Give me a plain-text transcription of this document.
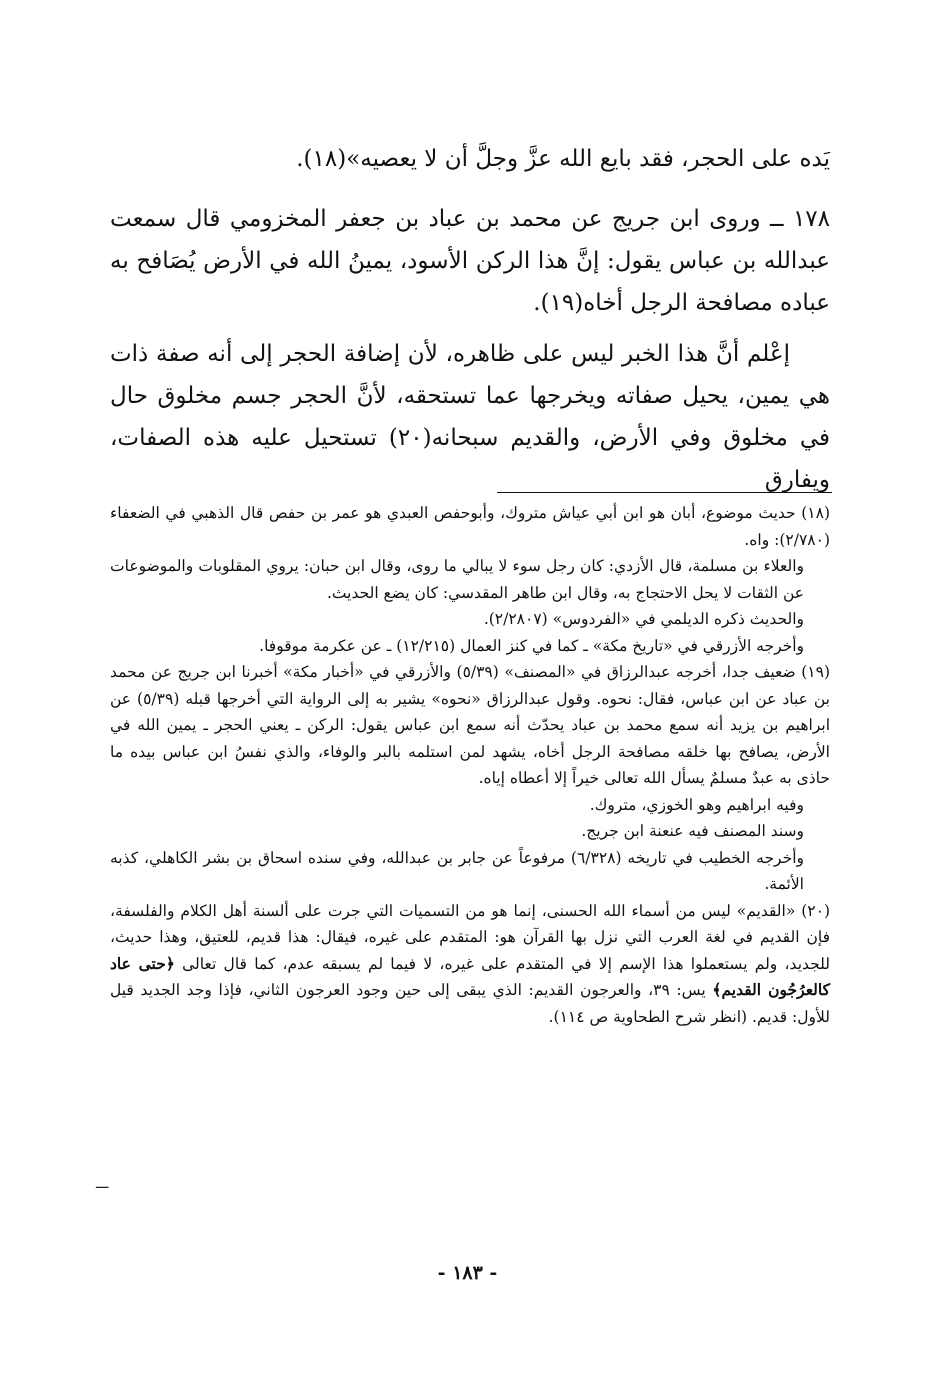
يَده على الحجر، فقد بايع الله عزَّ وجلَّ أن لا يعصيه»(١٨).
١٧٨ ــ وروى ابن جريج عن محمد بن عباد بن جعفر المخزومي قال سمعت عبدالله بن عباس يقول: إنَّ هذا الركن الأسود، يمينُ الله في الأرض يُصَافح به عباده مصافحة الرجل أخاه(١٩).
إعْلم أنَّ هذا الخبر ليس على ظاهره، لأن إضافة الحجر إلى أنه صفة ذات هي يمين، يحيل صفاته ويخرجها عما تستحقه، لأنَّ الحجر جسم مخلوق حال في مخلوق وفي الأرض، والقديم سبحانه(٢٠) تستحيل عليه هذه الصفات، ويفارق

(١٨) حديث موضوع، أبان هو ابن أبي عياش متروك، وأبوحفص العبدي هو عمر بن حفص قال الذهبي في الضعفاء (٢/٧٨٠): واه.

والعلاء بن مسلمة، قال الأزدي: كان رجل سوء لا يبالي ما روى، وقال ابن حبان: يروي المقلوبات والموضوعات عن الثقات لا يحل الاحتجاج به، وقال ابن طاهر المقدسي: كان يضع الحديث.

والحديث ذكره الديلمي في «الفردوس» (٢/٢٨٠٧).

وأخرجه الأزرقي في «تاريخ مكة» ـ كما في كنز العمال (١٢/٢١٥) ـ عن عكرمة موقوفا.

(١٩) ضعيف جدا، أخرجه عبدالرزاق في «المصنف» (٥/٣٩) والأزرقي في «أخبار مكة» أخبرنا ابن جريج عن محمد بن عباد عن ابن عباس، فقال: نحوه. وقول عبدالرزاق «نحوه» يشير به إلى الرواية التي أخرجها قبله (٥/٣٩) عن ابراهيم بن يزيد أنه سمع محمد بن عباد يحدّث أنه سمع ابن عباس يقول: الركن ـ يعني الحجر ـ يمين الله في الأرض، يصافح بها خلقه مصافحة الرجل أخاه، يشهد لمن استلمه بالبر والوفاء، والذي نفسُ ابن عباس بيده ما حاذى به عبدٌ مسلمٌ يسأل الله تعالى خيراً إلا أعطاه إياه.

وفيه ابراهيم وهو الخوزي، متروك.

وسند المصنف فيه عنعنة ابن جريج.

وأخرجه الخطيب في تاريخه (٦/٣٢٨) مرفوعاً عن جابر بن عبدالله، وفي سنده اسحاق بن بشر الكاهلي، كذبه الأئمة.

(٢٠) «القديم» ليس من أسماء الله الحسنى، إنما هو من التسميات التي جرت على ألسنة أهل الكلام والفلسفة، فإن القديم في لغة العرب التي نزل بها القرآن هو: المتقدم على غيره، فيقال: هذا قديم، للعتيق، وهذا حديث، للجديد، ولم يستعملوا هذا الإسم إلا في المتقدم على غيره، لا فيما لم يسبقه عدم، كما قال تعالى ﴿حتى عاد كالعرُجُون القديم﴾ يس: ٣٩، والعرجون القديم: الذي يبقى إلى حين وجود العرجون الثاني، فإذا وجد الجديد قيل للأول: قديم. (انظر شرح الطحاوية ص ١١٤).

ـــ
- ١٨٣ -
